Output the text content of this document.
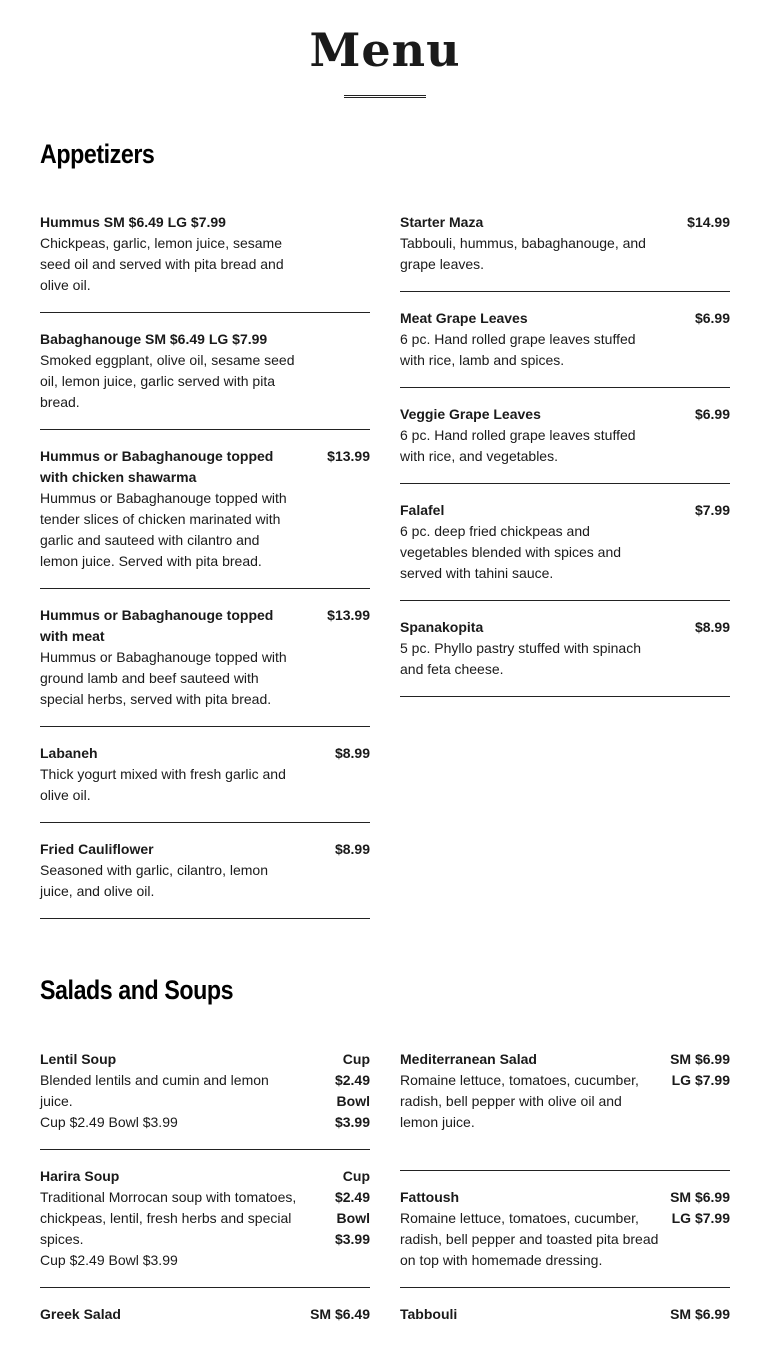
Menu
Appetizers
Hummus SM $6.49 LG $7.99
Chickpeas, garlic, lemon juice, sesame seed oil and served with pita bread and olive oil.
Babaghanouge SM $6.49 LG $7.99
Smoked eggplant, olive oil, sesame seed oil, lemon juice, garlic served with pita bread.
Hummus or Babaghanouge topped with chicken shawarma
$13.99
Hummus or Babaghanouge topped with tender slices of chicken marinated with garlic and sauteed with cilantro and lemon juice. Served with pita bread.
Hummus or Babaghanouge topped with meat
$13.99
Hummus or Babaghanouge topped with ground lamb and beef sauteed with special herbs, served with pita bread.
Labaneh	$8.99
Thick yogurt mixed with fresh garlic and olive oil.
Fried Cauliflower	$8.99
Seasoned with garlic, cilantro, lemon juice, and olive oil.
Starter Maza	$14.99
Tabbouli, hummus, babaghanouge, and grape leaves.
Meat Grape Leaves	$6.99
6 pc. Hand rolled grape leaves stuffed with rice, lamb and spices.
Veggie Grape Leaves	$6.99
6 pc. Hand rolled grape leaves stuffed with rice, and vegetables.
Falafel	$7.99
6 pc. deep fried chickpeas and vegetables blended with spices and served with tahini sauce.
Spanakopita	$8.99
5 pc. Phyllo pastry stuffed with spinach and feta cheese.
Salads and Soups
Lentil Soup	Cup
$2.49
Bowl
$3.99
Blended lentils and cumin and lemon juice.
Cup $2.49 Bowl $3.99
Harira Soup	Cup
$2.49
Bowl
$3.99
Traditional Morrocan soup with tomatoes, chickpeas, lentil, fresh herbs and special spices.
Cup $2.49 Bowl $3.99
Greek Salad	SM $6.49
Mediterranean Salad	SM $6.99
LG $7.99
Romaine lettuce, tomatoes, cucumber, radish, bell pepper with olive oil and lemon juice.
Fattoush	SM $6.99
LG $7.99
Romaine lettuce, tomatoes, cucumber, radish, bell pepper and toasted pita bread on top with homemade dressing.
Tabbouli	SM $6.99
